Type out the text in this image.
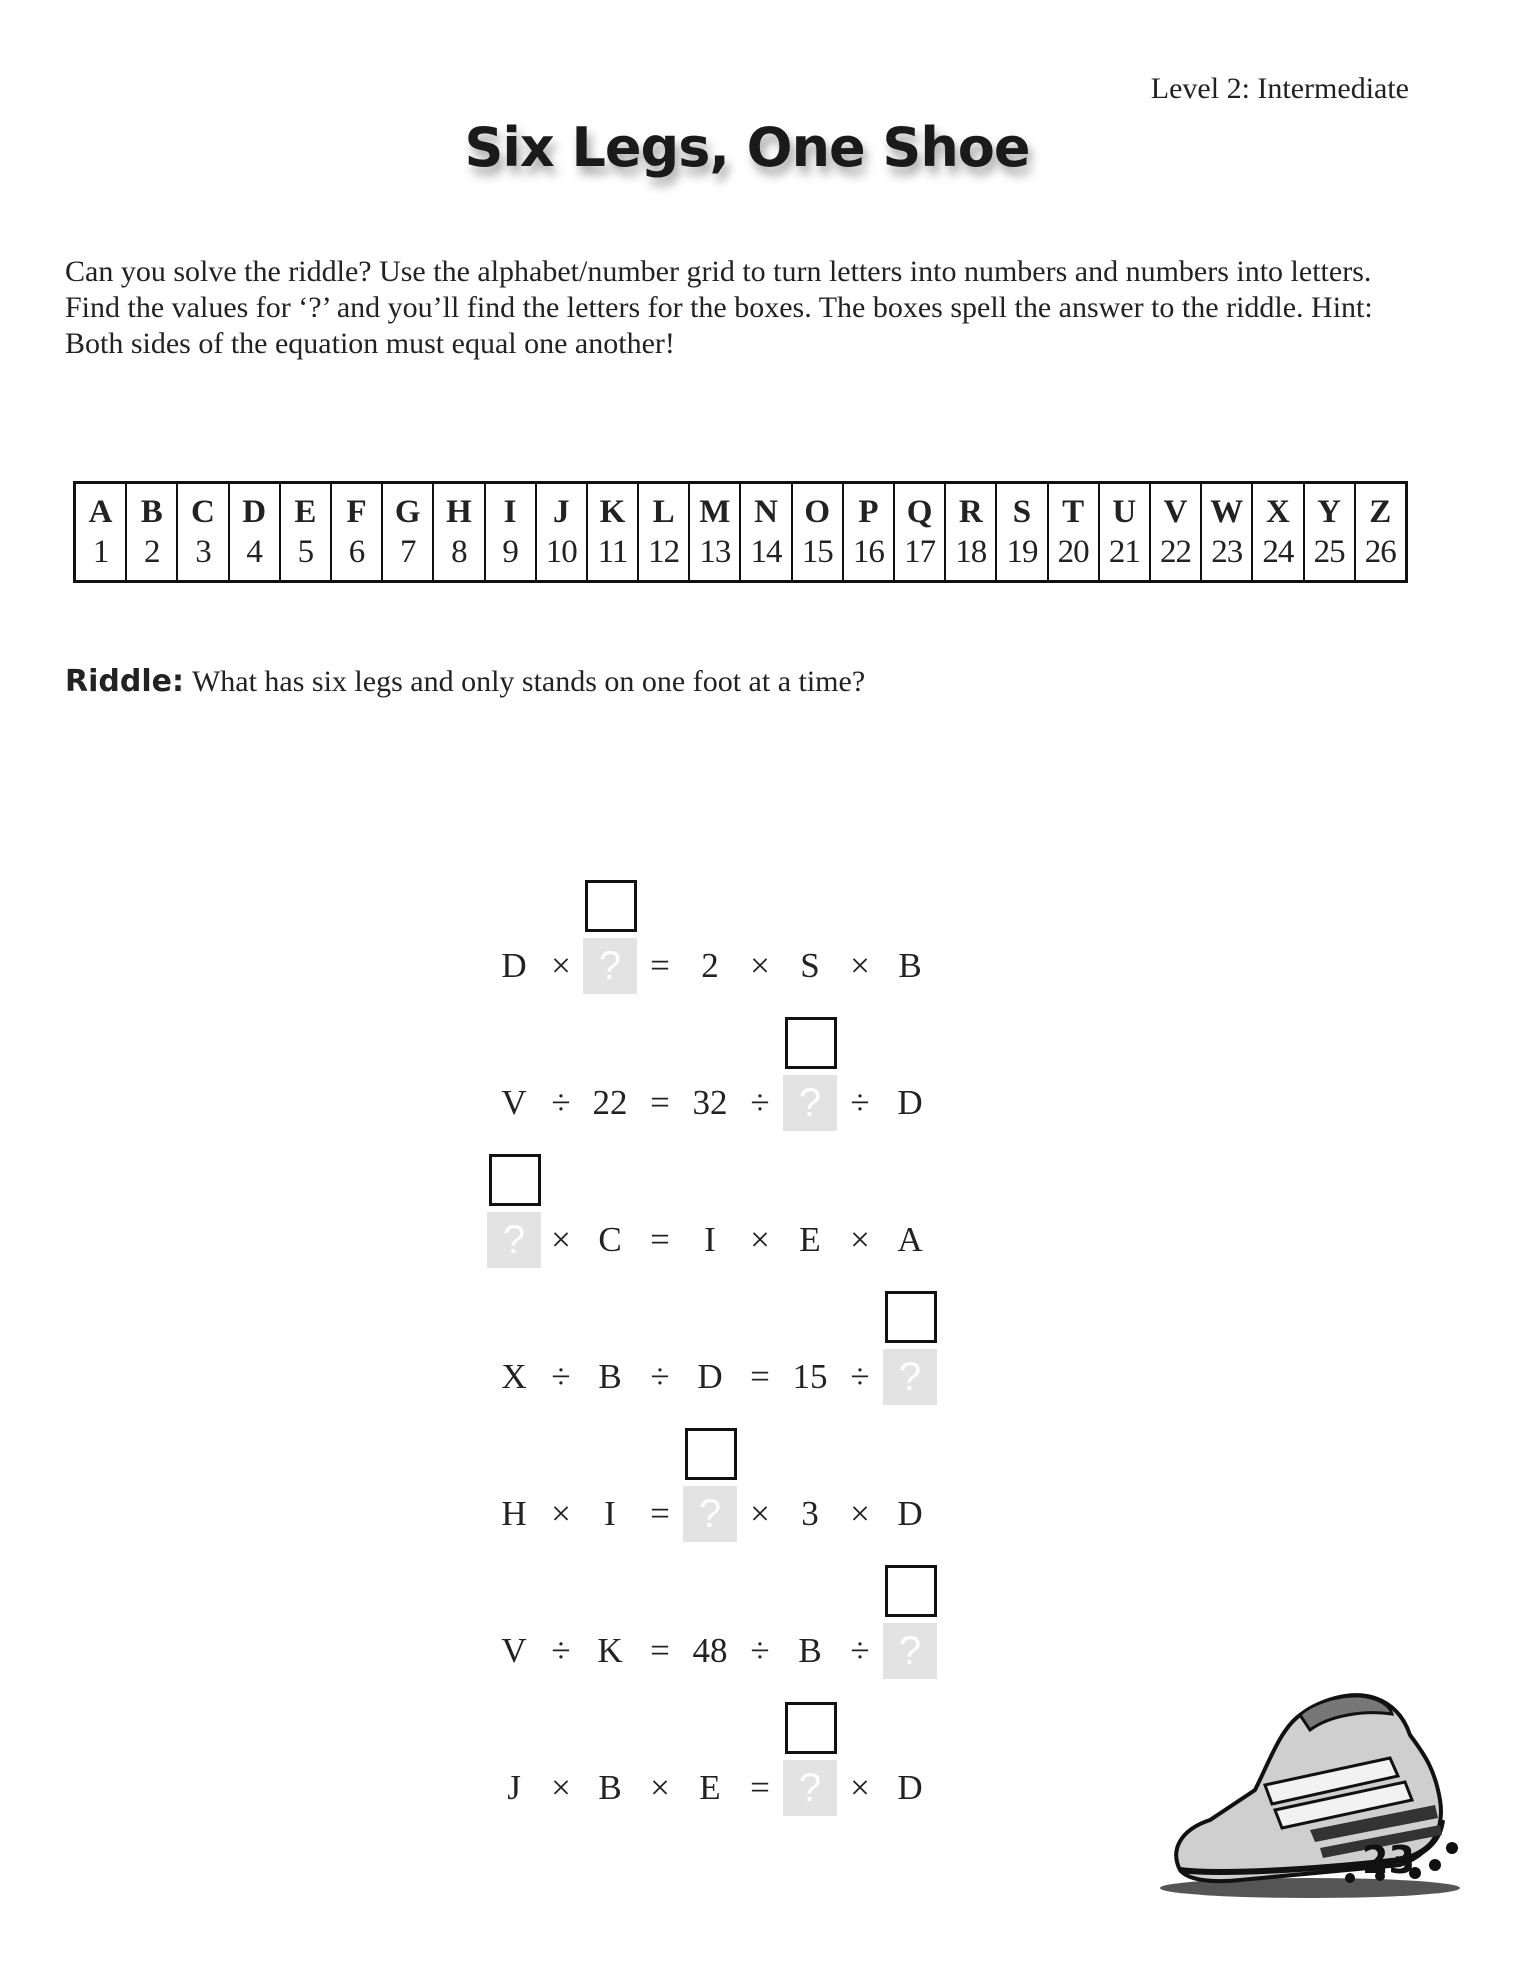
Level 2: Intermediate
Six Legs, One Shoe
Can you solve the riddle? Use the alphabet/number grid to turn letters into numbers and numbers into letters. Find the values for ‘?’ and you’ll find the letters for the boxes. The boxes spell the answer to the riddle. Hint: Both sides of the equation must equal one another!
A
1
B
2
C
3
D
4
E
5
F
6
G
7
H
8
I
9
J
10
K
11
L
12
M
13
N
14
O
15
P
16
Q
17
R
18
S
19
T
20
U
21
V
22
W
23
X
24
Y
25
Z
26
Riddle: What has six legs and only stands on one foot at a time?
D × ? = 2 × S × B
V ÷ 22 = 32 ÷ ? ÷ D
? × C = I × E × A
X ÷ B ÷ D = 15 ÷ ?
H × I = ? × 3 × D
V ÷ K = 48 ÷ B ÷ ?
J × B × E = ? × D
23
